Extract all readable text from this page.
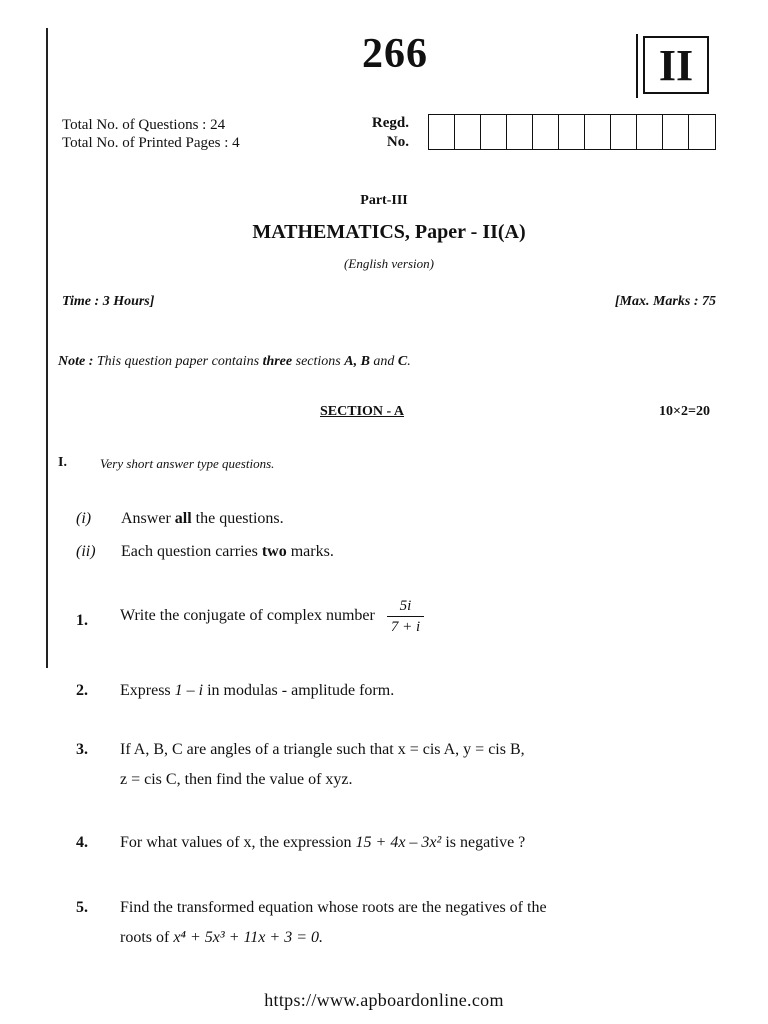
266	II
Total No. of Questions : 24
Total No. of Printed Pages : 4
Regd.
No.
Part-III
MATHEMATICS, Paper - II(A)
(English version)
Time : 3 Hours]	[Max. Marks : 75
Note : This question paper contains three sections A, B and C.
SECTION - A	10×2=20
I.	Very short answer type questions.
(i) Answer all the questions.
(ii) Each question carries two marks.
1. Write the conjugate of complex number $\frac{5i}{7 + i}$
2. Express 1 – i in modulas - amplitude form.
3. If A, B, C are angles of a triangle such that x = cis A, y = cis B,
z = cis C, then find the value of xyz.
4. For what values of x, the expression 15 + 4x – 3x² is negative ?
5. Find the transformed equation whose roots are the negatives of the
roots of x⁴ + 5x³ + 11x + 3 = 0.
https://www.apboardonline.com
